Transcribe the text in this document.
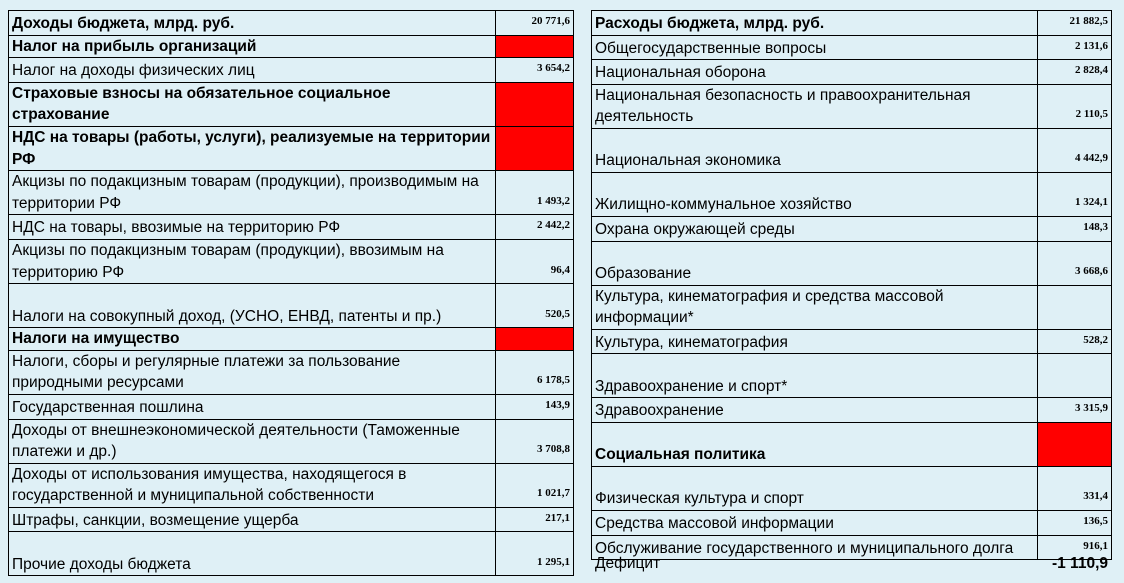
Доходы бюджета, млрд. руб.	20 771,6
Налог на прибыль организаций	
Налог на доходы физических лиц	3 654,2
Страховые взносы на обязательное социальное страхование	
НДС на товары (работы, услуги), реализуемые на территории РФ	
Акцизы по подакцизным товарам (продукции), производимым на территории РФ	1 493,2
НДС на товары, ввозимые на территорию РФ	2 442,2
Акцизы по подакцизным товарам (продукции), ввозимым на территорию РФ	96,4
Налоги на совокупный доход, (УСНО, ЕНВД, патенты и пр.)	520,5
Налоги на имущество	
Налоги, сборы и регулярные платежи за пользование природными ресурсами	6 178,5
Государственная пошлина	143,9
Доходы от внешнеэкономической деятельности (Таможенные платежи и др.)	3 708,8
Доходы от использования имущества, находящегося в государственной и муниципальной собственности	1 021,7
Штрафы, санкции, возмещение ущерба	217,1
Прочие доходы бюджета	1 295,1
Расходы бюджета, млрд. руб.	21 882,5
Общегосударственные вопросы	2 131,6
Национальная оборона	2 828,4
Национальная безопасность и правоохранительная деятельность	2 110,5
Национальная экономика	4 442,9
Жилищно-коммунальное хозяйство	1 324,1
Охрана окружающей среды	148,3
Образование	3 668,6
Культура, кинематография и средства массовой информации*	
Культура, кинематография	528,2
Здравоохранение и спорт*	
Здравоохранение	3 315,9
Социальная политика	
Физическая культура и спорт	331,4
Средства массовой информации	136,5
Обслуживание государственного и муниципального долга	916,1
Дефицит	-1 110,9
